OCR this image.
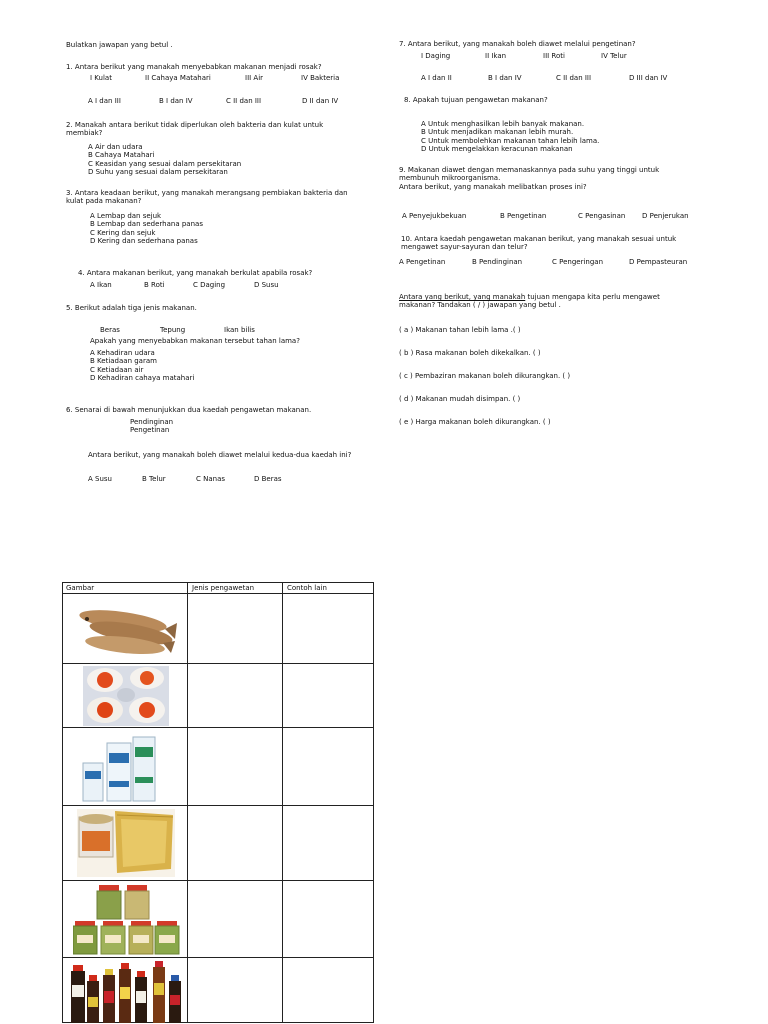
Bulatkan jawapan yang betul .
1. Antara berikut yang manakah menyebabkan makanan menjadi rosak?
I Kulat	II Cahaya Matahari	III Air	IV Bakteria
A I dan III	B I dan IV	C II dan III	D II dan IV
2. Manakah antara berikut tidak diperlukan oleh bakteria dan kulat untuk
membiak?
A Air dan udara
B Cahaya Matahari
C Keasidan yang sesuai dalam persekitaran
D Suhu yang sesuai dalam persekitaran
3. Antara keadaan berikut, yang manakah merangsang pembiakan bakteria dan
kulat pada makanan?
A Lembap dan sejuk
B Lembap dan sederhana panas
C Kering dan sejuk
D Kering dan sederhana panas
4. Antara makanan berikut, yang manakah berkulat apabila rosak?
A Ikan	B Roti	C Daging	D Susu
5. Berikut adalah tiga jenis makanan.
Beras	Tepung	Ikan bilis
Apakah yang menyebabkan makanan tersebut tahan lama?
A Kehadiran udara
B Ketiadaan garam
C Ketiadaan air
D Kehadiran cahaya matahari
6. Senarai di bawah menunjukkan dua kaedah pengawetan makanan.
Pendinginan
Pengetinan
Antara berikut, yang manakah boleh diawet melalui kedua-dua kaedah ini?
A Susu	B Telur	C Nanas	D Beras
7. Antara berikut, yang manakah boleh diawet melalui pengetinan?
I Daging	II Ikan	III Roti	IV Telur
A I dan II	B I dan IV	C II dan III	D III dan IV
8. Apakah tujuan pengawetan makanan?
A Untuk menghasilkan lebih banyak makanan.
B Untuk menjadikan makanan lebih murah.
C Untuk membolehkan makanan tahan lebih lama.
D Untuk mengelakkan keracunan makanan
9. Makanan diawet dengan memanaskannya pada suhu yang tinggi untuk
membunuh mikroorganisma.
Antara berikut, yang manakah melibatkan proses ini?
A Penyejukbekuan	B Pengetinan	C Pengasinan D Penjerukan
10. Antara kaedah pengawetan makanan berikut, yang manakah sesuai untuk
mengawet sayur-sayuran dan telur?
A Pengetinan	B Pendinginan	C Pengeringan	D Pempasteuran
Antara yang berikut, yang manakah tujuan mengapa kita perlu mengawet
makanan? Tandakan ( / ) jawapan yang betul .
( a ) Makanan tahan lebih lama .( )
( b ) Rasa makanan boleh dikekalkan. ( )
( c ) Pembaziran makanan boleh dikurangkan. ( )
( d ) Makanan mudah disimpan. ( )
( e ) Harga makanan boleh dikurangkan. ( )
Gambar	Jenis pengawetan	Contoh lain
